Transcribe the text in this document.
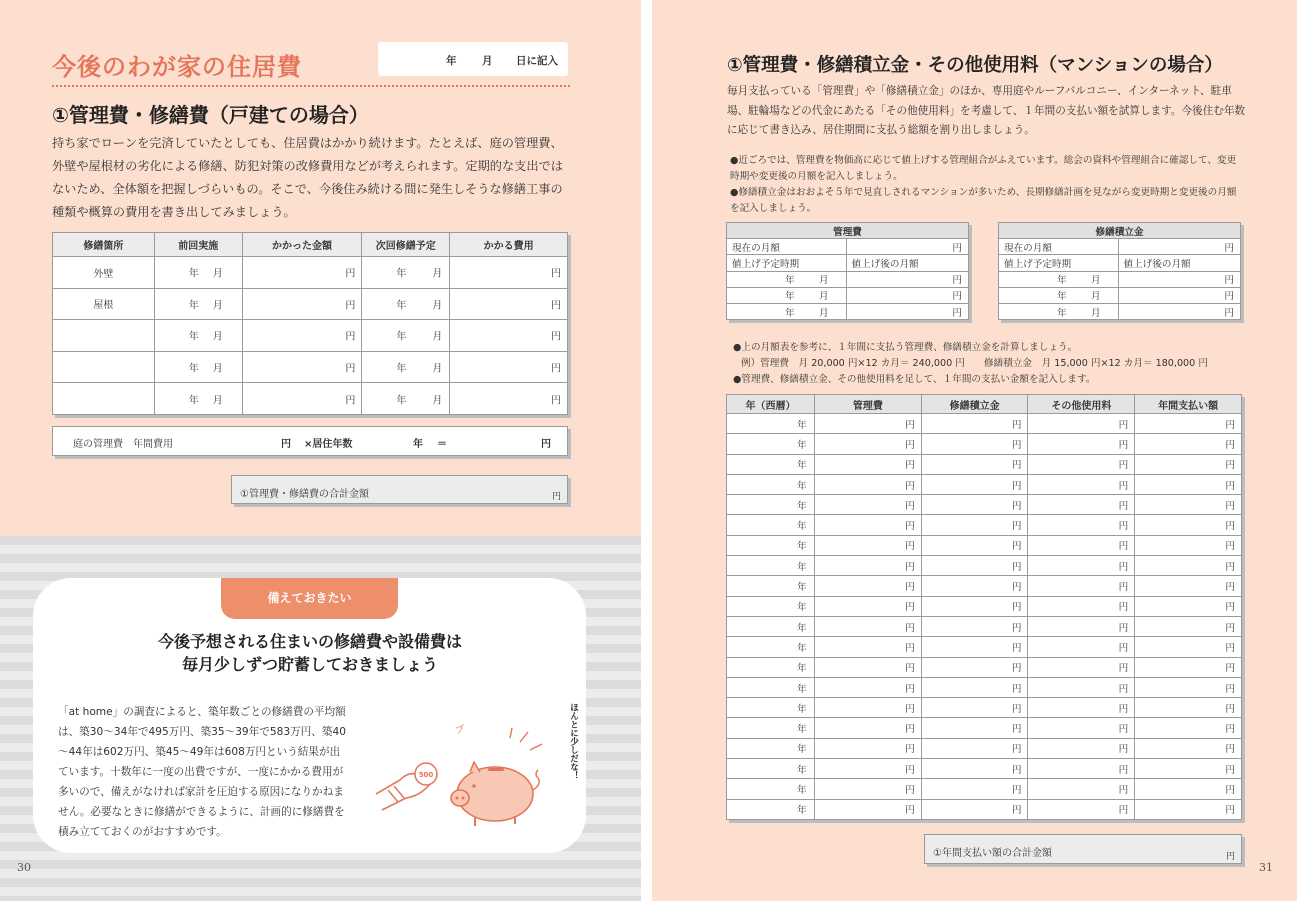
今後のわが家の住居費	年 月 日に記入
①管理費・修繕費（戸建ての場合）
持ち家でローンを完済していたとしても、住居費はかかり続けます。たとえば、庭の管理費、外壁や屋根材の劣化による修繕、防犯対策の改修費用などが考えられます。定期的な支出ではないため、全体額を把握しづらいもの。そこで、今後住み続ける間に発生しそうな修繕工事の種類や概算の費用を書き出してみましょう。
修繕箇所	前回実施	かかった金額	次回修繕予定	かかる費用
外壁	年 月	円	年 月	円

屋根	年 月	円	年 月	円

	年 月	円	年 月	円

	年 月	円	年 月	円

	年 月	円	年 月	円
庭の管理費　年間費用	円 ×居住年数	年 ＝	円
①管理費・修繕費の合計金額	円
備えておきたい
今後予想される住まいの修繕費や設備費は
毎月少しずつ貯蓄しておきましょう
「at home」の調査によると、築年数ごとの修繕費の平均額は、築30～34年で495万円、築35～39年で583万円、築40～44年は602万円、築45～49年は608万円という結果が出ています。十数年に一度の出費ですが、一度にかかる費用が多いので、備えがなければ家計を圧迫する原因になりかねません。必要なときに修繕ができるように、計画的に修繕費を積み立てておくのがおすすめです。
500
ブ
ほんとに少しだな！
30
①管理費・修繕積立金・その他使用料（マンションの場合）
毎月支払っている「管理費」や「修繕積立金」のほか、専用庭やルーフバルコニー、インターネット、駐車場、駐輪場などの代金にあたる「その他使用料」を考慮して、１年間の支払い額を試算します。今後住む年数に応じて書き込み、居住期間に支払う総額を割り出しましょう。
●近ごろでは、管理費を物価高に応じて値上げする管理組合がふえています。総会の資料や管理組合に確認して、変更時期や変更後の月額を記入しましょう。
●修繕積立金はおおよそ５年で見直しされるマンションが多いため、長期修繕計画を見ながら変更時期と変更後の月額を記入しましょう。
管理費	
現在の月額	円

値上げ予定時期	値上げ後の月額

年 月	円

年 月	円

年 月	円
修繕積立金	
現在の月額	円

値上げ予定時期	値上げ後の月額

年 月	円

年 月	円

年 月	円
●上の月額表を参考に、１年間に支払う管理費、修繕積立金を計算しましょう。
例）管理費　月 20,000 円×12 カ月＝ 240,000 円　　修繕積立金　月 15,000 円×12 カ月＝ 180,000 円
●管理費、修繕積立金、その他使用料を足して、１年間の支払い金額を記入します。
年（西暦）	管理費	修繕積立金	その他使用料	年間支払い額
年	円	円	円	円

年	円	円	円	円

年	円	円	円	円

年	円	円	円	円

年	円	円	円	円

年	円	円	円	円

年	円	円	円	円

年	円	円	円	円

年	円	円	円	円

年	円	円	円	円

年	円	円	円	円

年	円	円	円	円

年	円	円	円	円

年	円	円	円	円

年	円	円	円	円

年	円	円	円	円

年	円	円	円	円

年	円	円	円	円

年	円	円	円	円

年	円	円	円	円
①年間支払い額の合計金額	円
31
